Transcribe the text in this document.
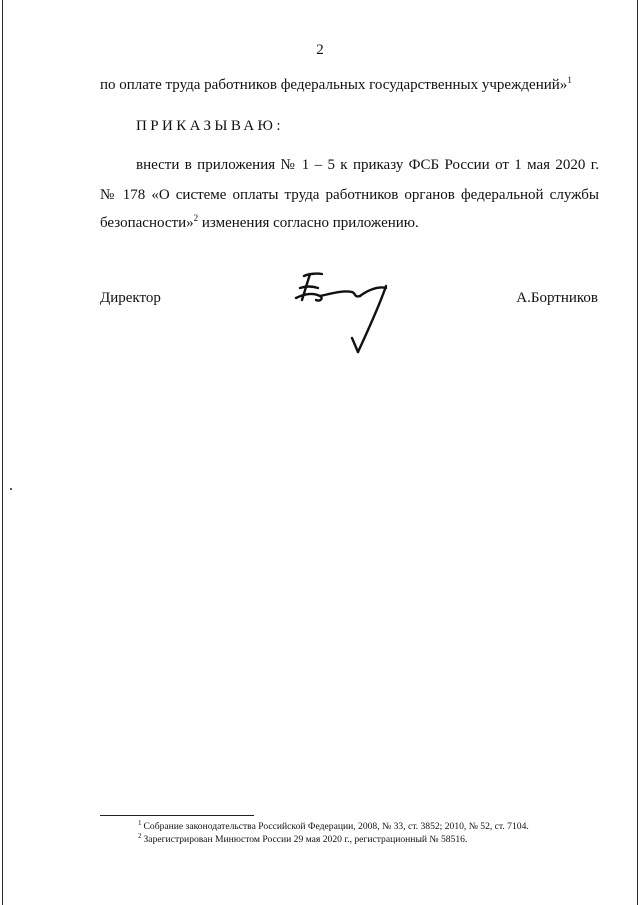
2
по оплате труда работников федеральных государственных учреждений»$^1$
ПРИКАЗЫВАЮ:
внести в приложения № 1 – 5 к приказу ФСБ России от 1 мая 2020 г.
№ 178 «О системе оплаты труда работников органов федеральной службы
безопасности»$^2$ изменения согласно приложению.
Директор	А.Бортников
$^1$ Собрание законодательства Российской Федерации, 2008, № 33, ст. 3852; 2010, № 52, ст. 7104.
$^2$ Зарегистрирован Минюстом России 29 мая 2020 г., регистрационный № 58516.
